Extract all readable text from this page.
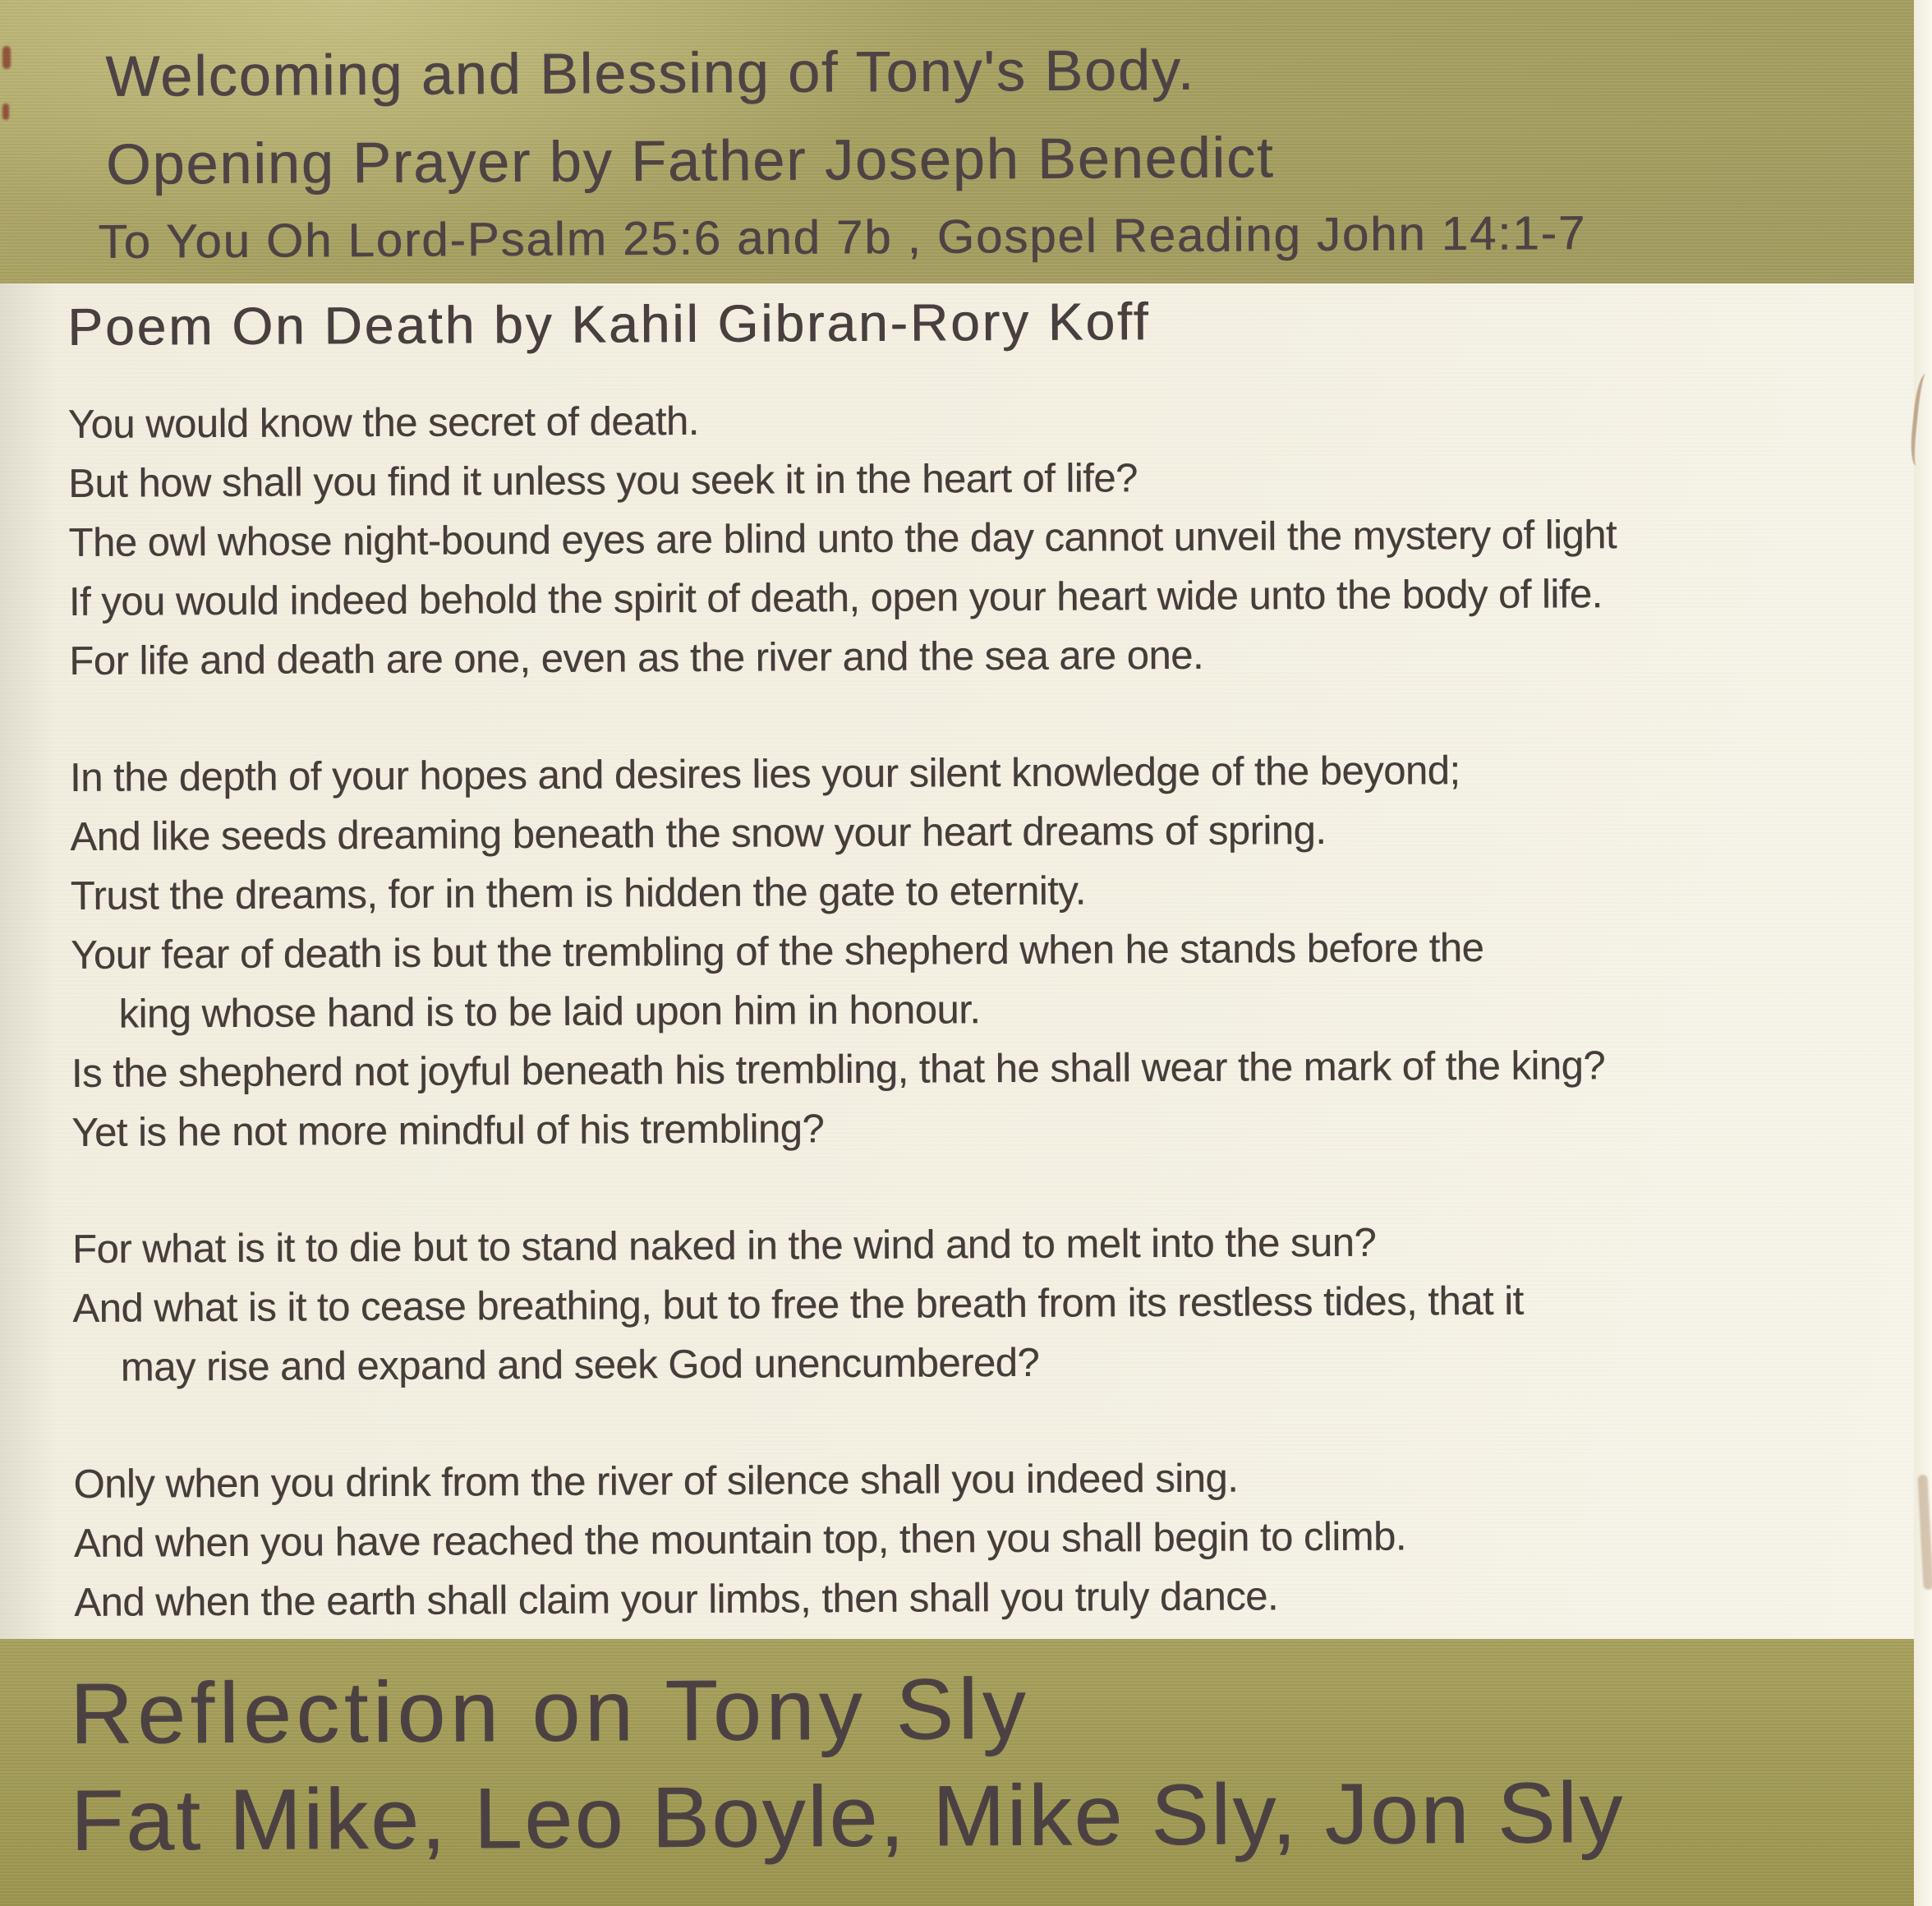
Welcoming and Blessing of Tony's Body.
Opening Prayer by Father Joseph Benedict
To You Oh Lord-Psalm 25:6 and 7b , Gospel Reading John 14:1-7
Poem On Death by Kahil Gibran-Rory Koff
You would know the secret of death.
But how shall you find it unless you seek it in the heart of life?
The owl whose night-bound eyes are blind unto the day cannot unveil the mystery of light
If you would indeed behold the spirit of death, open your heart wide unto the body of life.
For life and death are one, even as the river and the sea are one.
In the depth of your hopes and desires lies your silent knowledge of the beyond;
And like seeds dreaming beneath the snow your heart dreams of spring.
Trust the dreams, for in them is hidden the gate to eternity.
Your fear of death is but the trembling of the shepherd when he stands before the
king whose hand is to be laid upon him in honour.
Is the shepherd not joyful beneath his trembling, that he shall wear the mark of the king?
Yet is he not more mindful of his trembling?
For what is it to die but to stand naked in the wind and to melt into the sun?
And what is it to cease breathing, but to free the breath from its restless tides, that it
may rise and expand and seek God unencumbered?
Only when you drink from the river of silence shall you indeed sing.
And when you have reached the mountain top, then you shall begin to climb.
And when the earth shall claim your limbs, then shall you truly dance.
Reflection on Tony Sly
Fat Mike, Leo Boyle, Mike Sly, Jon Sly
